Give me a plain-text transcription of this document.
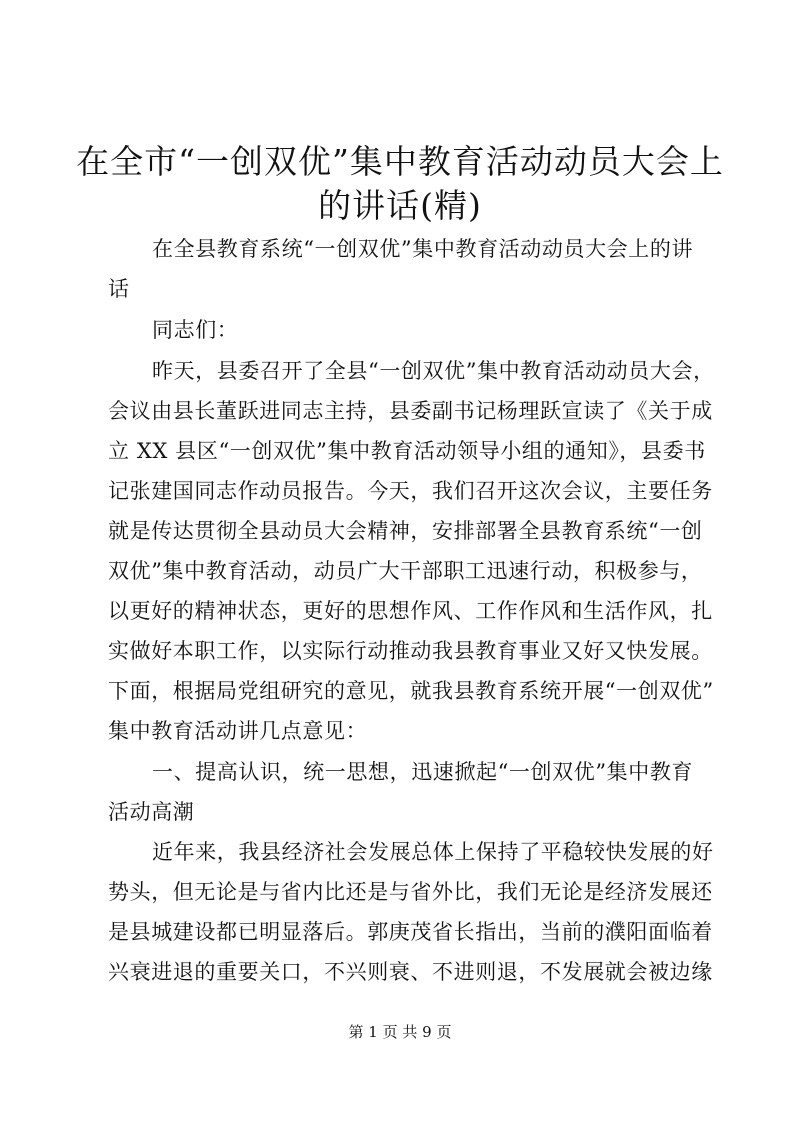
在全市“一创双优”集中教育活动动员大会上
的讲话(精)
在全县教育系统“一创双优”集中教育活动动员大会上的讲
话
同志们：
昨天，县委召开了全县“一创双优”集中教育活动动员大会，
会议由县长董跃进同志主持，县委副书记杨理跃宣读了《关于成
立 XX 县区“一创双优”集中教育活动领导小组的通知》，县委书
记张建国同志作动员报告。今天，我们召开这次会议，主要任务
就是传达贯彻全县动员大会精神，安排部署全县教育系统“一创
双优”集中教育活动，动员广大干部职工迅速行动，积极参与，
以更好的精神状态，更好的思想作风、工作作风和生活作风，扎
实做好本职工作，以实际行动推动我县教育事业又好又快发展。
下面，根据局党组研究的意见，就我县教育系统开展“一创双优”
集中教育活动讲几点意见：
一、提高认识，统一思想，迅速掀起“一创双优”集中教育
活动高潮
近年来，我县经济社会发展总体上保持了平稳较快发展的好
势头，但无论是与省内比还是与省外比，我们无论是经济发展还
是县城建设都已明显落后。郭庚茂省长指出，当前的濮阳面临着
兴衰进退的重要关口，不兴则衰、不进则退，不发展就会被边缘
第 1 页 共 9 页
